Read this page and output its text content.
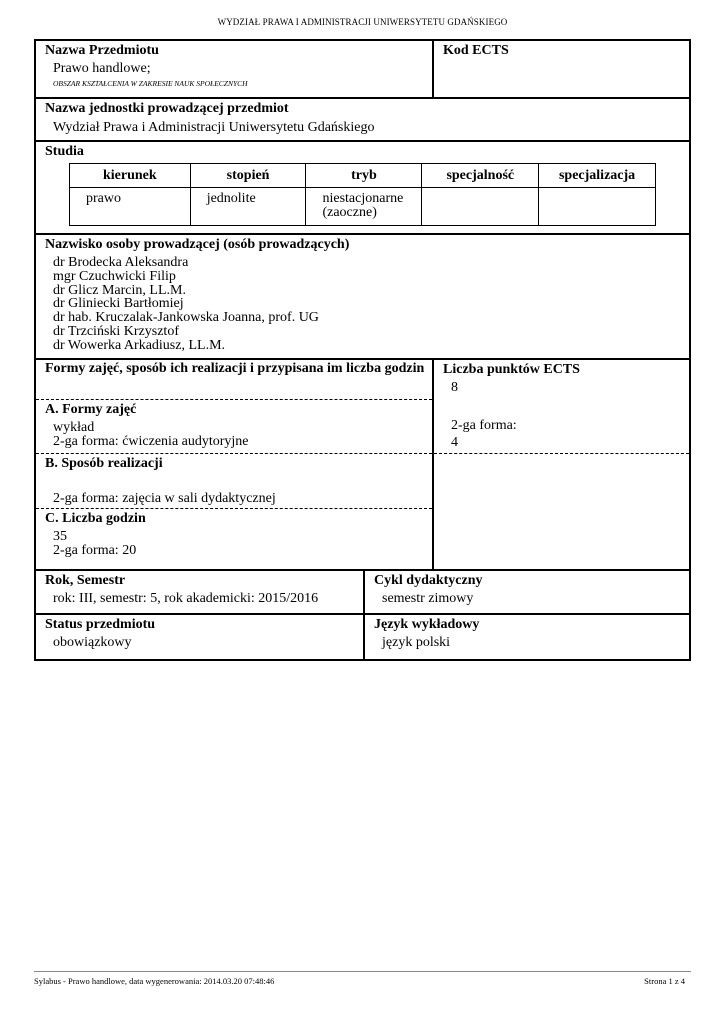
WYDZIAŁ PRAWA I ADMINISTRACJI UNIWERSYTETU GDAŃSKIEGO
Nazwa Przedmiotu
Prawo handlowe;
OBSZAR KSZTAŁCENIA W ZAKRESIE NAUK SPOŁECZNYCH
Kod ECTS
Nazwa jednostki prowadzącej przedmiot
Wydział Prawa i Administracji Uniwersytetu Gdańskiego
Studia
kierunek	stopień	tryb	specjalność	specjalizacja
prawo	jednolite	niestacjonarne (zaoczne)		
Nazwisko osoby prowadzącej (osób prowadzących)
dr Brodecka Aleksandra
mgr Czuchwicki Filip
dr Glicz Marcin, LL.M.
dr Gliniecki Bartłomiej
dr hab. Kruczalak-Jankowska Joanna, prof. UG
dr Trzciński Krzysztof
dr Wowerka Arkadiusz, LL.M.
Formy zajęć, sposób ich realizacji i przypisana im liczba godzin
A. Formy zajęć
wykład
2-ga forma: ćwiczenia audytoryjne
B. Sposób realizacji
2-ga forma: zajęcia w sali dydaktycznej
C. Liczba godzin
35
2-ga forma: 20
Liczba punktów ECTS
8
2-ga forma:
4
Rok, Semestr
rok: III, semestr: 5, rok akademicki: 2015/2016
Cykl dydaktyczny
semestr zimowy
Status przedmiotu
obowiązkowy
Język wykładowy
język polski
Sylabus - Prawo handlowe, data wygenerowania: 2014.03.20 07:48:46	Strona 1 z 4
